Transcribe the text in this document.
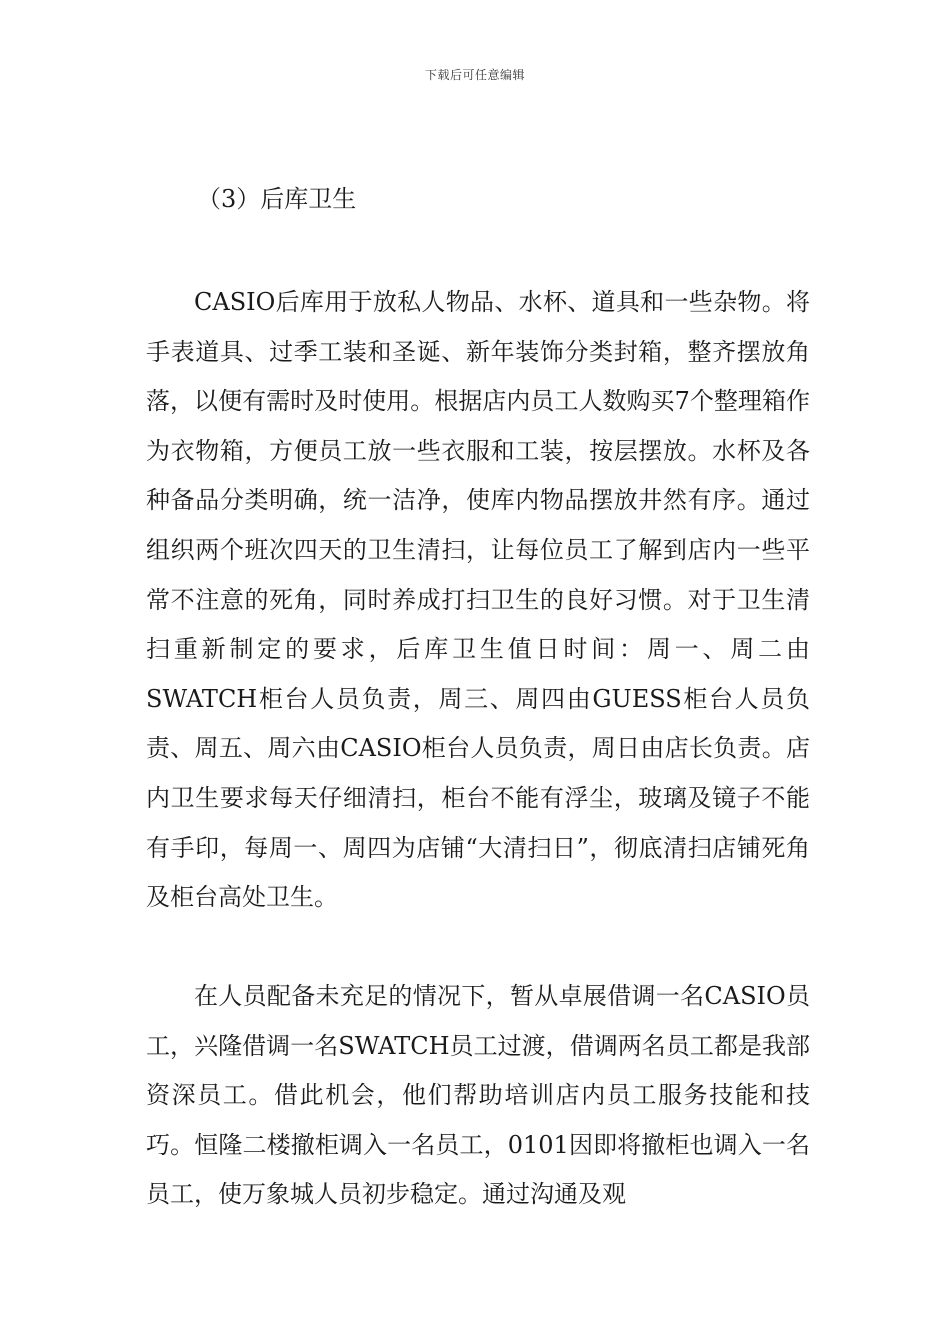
下载后可任意编辑
（3）后库卫生

CASIO后库用于放私人物品、水杯、道具和一些杂物。将手表道具、过季工装和圣诞、新年装饰分类封箱，整齐摆放角落，以便有需时及时使用。根据店内员工人数购买7个整理箱作为衣物箱，方便员工放一些衣服和工装，按层摆放。水杯及各种备品分类明确，统一洁净，使库内物品摆放井然有序。通过组织两个班次四天的卫生清扫，让每位员工了解到店内一些平常不注意的死角，同时养成打扫卫生的良好习惯。对于卫生清扫重新制定的要求，后库卫生值日时间：周一、周二由SWATCH柜台人员负责，周三、周四由GUESS柜台人员负责、周五、周六由CASIO柜台人员负责，周日由店长负责。店内卫生要求每天仔细清扫，柜台不能有浮尘，玻璃及镜子不能有手印，每周一、周四为店铺“大清扫日”，彻底清扫店铺死角及柜台高处卫生。

在人员配备未充足的情况下，暂从卓展借调一名CASIO员工，兴隆借调一名SWATCH员工过渡，借调两名员工都是我部资深员工。借此机会，他们帮助培训店内员工服务技能和技巧。恒隆二楼撤柜调入一名员工，0101因即将撤柜也调入一名员工，使万象城人员初步稳定。通过沟通及观
